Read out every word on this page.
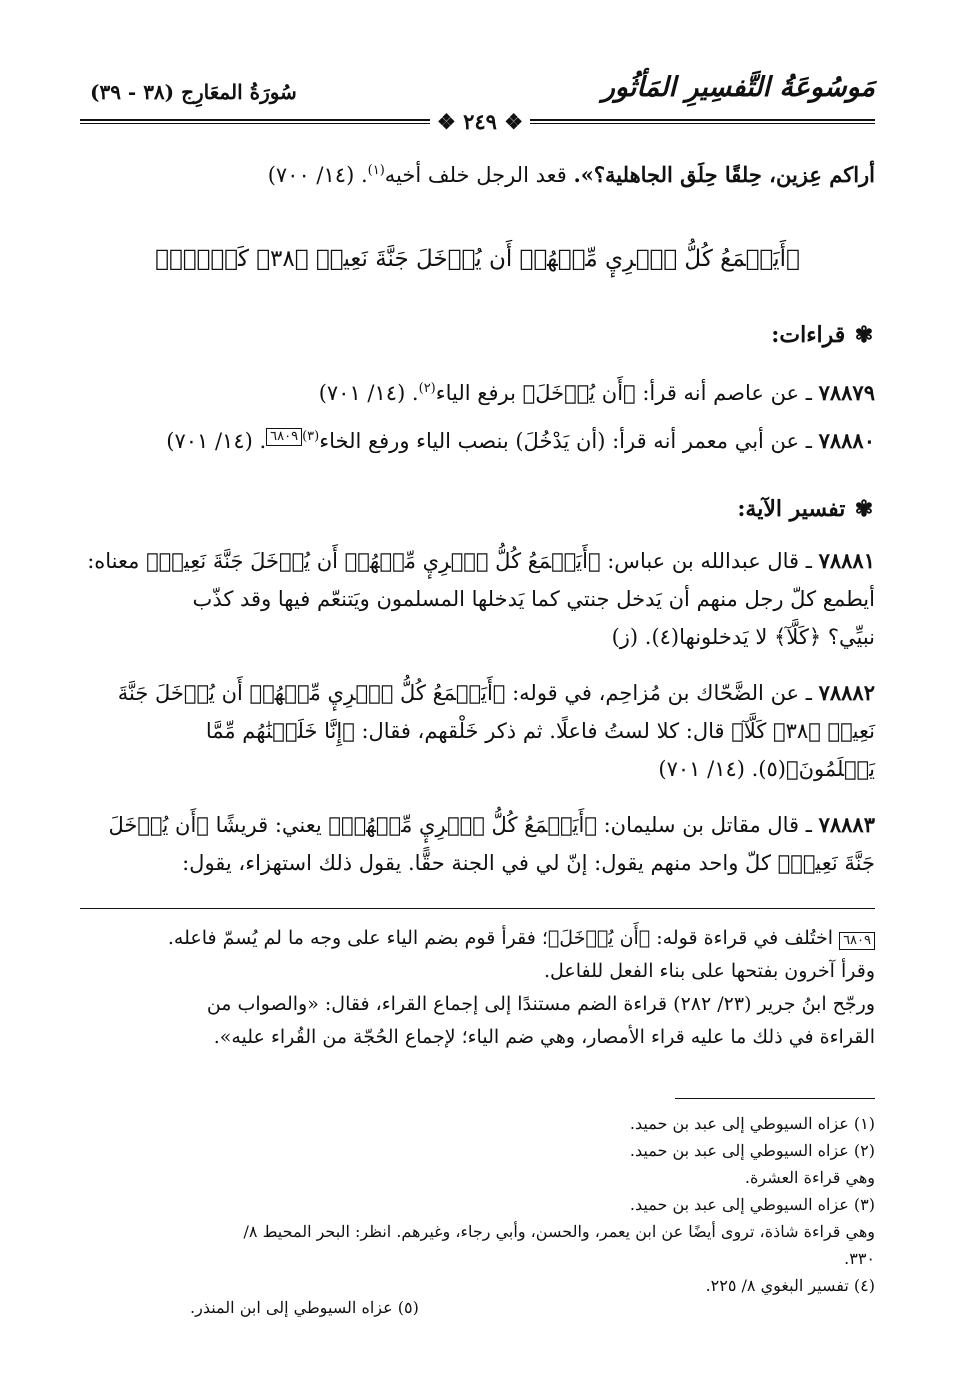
سُورَةُ المعَارِج (٣٨ - ٣٩)	مَوسُوعَةُ التَّفسِيرِ المَأثُور
❖ ٢٤٩ ❖
أراكم عِزين، حِلقًا حِلَق الجاهلية؟». قعد الرجل خلف أخيه$^{(١)}$. (١٤/ ٧٠٠)
﴿أَيَطۡمَعُ كُلُّ ٱمۡرِيٕ مِّنۡهُمۡ أَن يُدۡخَلَ جَنَّةَ نَعِيمٖ ﴿٣٨﴾ كَلَّآۖ﴾
✾ قراءات:
٧٨٨٧٩ ـ عن عاصم أنه قرأ: ﴿أَن يُدۡخَلَ﴾ برفع الياء$^{(٢)}$. (١٤/ ٧٠١)
٧٨٨٨٠ ـ عن أبي معمر أنه قرأ: (أن يَدْخُلَ) بنصب الياء ورفع الخاء$^{(٣)}$٦٨٠٩. (١٤/ ٧٠١)
✾ تفسير الآية:
٧٨٨٨١ ـ قال عبدالله بن عباس: ﴿أَيَطۡمَعُ كُلُّ ٱمۡرِيٕ مِّنۡهُمۡ أَن يُدۡخَلَ جَنَّةَ نَعِيمٖ﴾ معناه:
أيطمع كلّ رجل منهم أن يَدخل جنتي كما يَدخلها المسلمون ويَتنعّم فيها وقد كذّب
نبيِّي؟ ﴿كَلَّآ﴾ لا يَدخلونها(٤). (ز)
٧٨٨٨٢ ـ عن الضَّحّاك بن مُزاحِم، في قوله: ﴿أَيَطۡمَعُ كُلُّ ٱمۡرِيٕ مِّنۡهُمۡ أَن يُدۡخَلَ جَنَّةَ
نَعِيمٖ ﴿٣٨﴾ كَلَّآ﴾ قال: كلا لستُ فاعلًا. ثم ذكر خَلْقهم، فقال: ﴿إِنَّا خَلَقۡنَٰهُم مِّمَّا
يَعۡلَمُونَ﴾(٥). (١٤/ ٧٠١)
٧٨٨٨٣ ـ قال مقاتل بن سليمان: ﴿أَيَطۡمَعُ كُلُّ ٱمۡرِيٕ مِّنۡهُمۡ﴾ يعني: قريشًا ﴿أَن يُدۡخَلَ
جَنَّةَ نَعِيمٖ﴾ كلّ واحد منهم يقول: إنّ لي في الجنة حقًّا. يقول ذلك استهزاء، يقول:
٦٨٠٩ اختُلف في قراءة قوله: ﴿أَن يُدۡخَلَ﴾؛ فقرأ قوم بضم الياء على وجه ما لم يُسمّ فاعله.
وقرأ آخرون بفتحها على بناء الفعل للفاعل.
ورجّح ابنُ جرير (٢٣/ ٢٨٢) قراءة الضم مستندًا إلى إجماع القراء، فقال: «والصواب من
القراءة في ذلك ما عليه قراء الأمصار، وهي ضم الياء؛ لإجماع الحُجّة من القُراء عليه».
(١) عزاه السيوطي إلى عبد بن حميد.
(٢) عزاه السيوطي إلى عبد بن حميد.
وهي قراءة العشرة.
(٣) عزاه السيوطي إلى عبد بن حميد.
وهي قراءة شاذة، تروى أيضًا عن ابن يعمر، والحسن، وأبي رجاء، وغيرهم. انظر: البحر المحيط ٨/
٣٣٠.
(٤) تفسير البغوي ٨/ ٢٢٥.
(٥) عزاه السيوطي إلى ابن المنذر.
